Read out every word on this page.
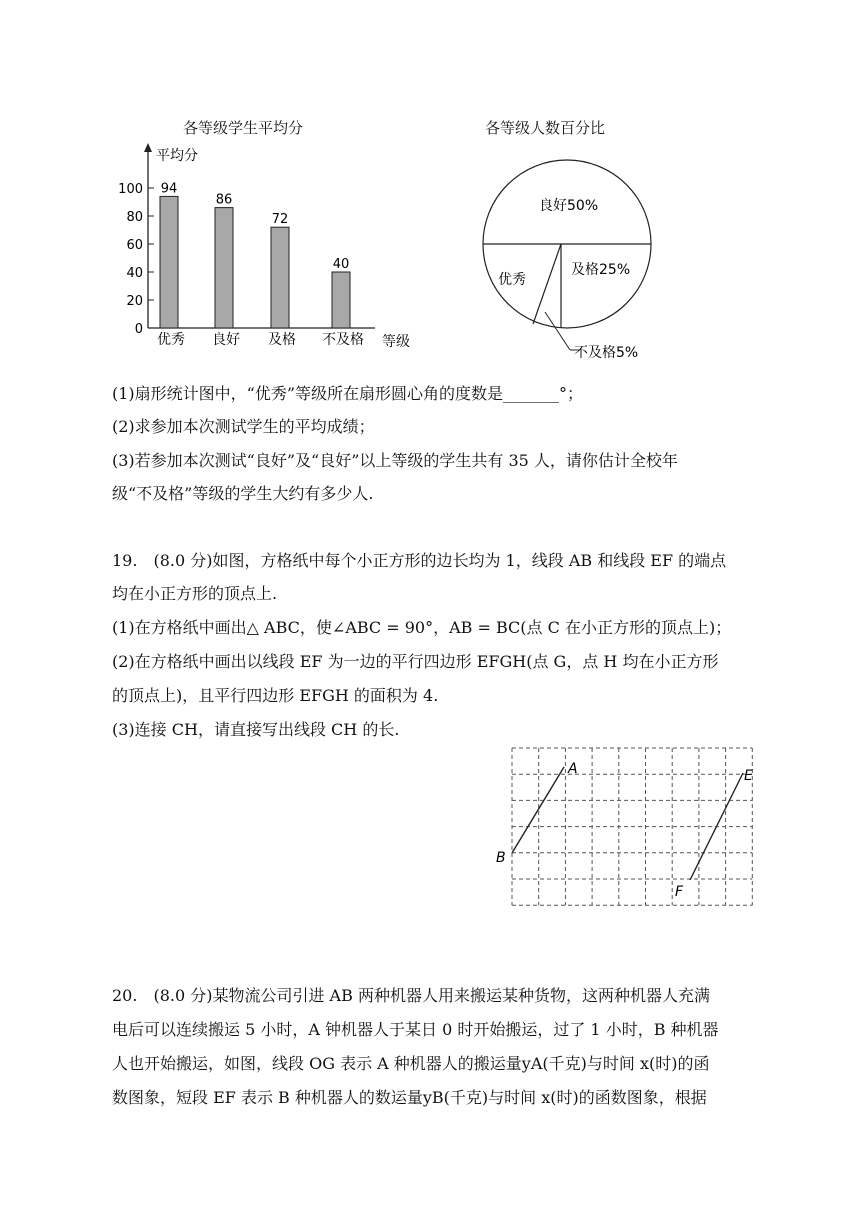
各等级学生平均分
平均分
等级
0
20
40
60
80
100 94
优秀
86
良好
72
及格
40
不及格
各等级人数百分比
良好50%
及格25%
优秀
不及格5%
(1)扇形统计图中，“优秀”等级所在扇形圆心角的度数是_______°；
(2)求参加本次测试学生的平均成绩；
(3)若参加本次测试“良好”及“良好”以上等级的学生共有 35 人，请你估计全校年
级“不及格”等级的学生大约有多少人.
19.　(8.0 分)如图，方格纸中每个小正方形的边长均为 1，线段 AB 和线段 EF 的端点
均在小正方形的顶点上.
(1)在方格纸中画出△ ABC，使∠ABC = 90°，AB = BC(点 C 在小正方形的顶点上)；
(2)在方格纸中画出以线段 EF 为一边的平行四边形 EFGH(点 G，点 H 均在小正方形
的顶点上)，且平行四边形 EFGH 的面积为 4.
(3)连接 CH，请直接写出线段 CH 的长.
A
B
E
F
20.　(8.0 分)某物流公司引进 AB 两种机器人用来搬运某种货物，这两种机器人充满
电后可以连续搬运 5 小时，A 钟机器人于某日 0 时开始搬运，过了 1 小时，B 种机器
人也开始搬运，如图，线段 OG 表示 A 种机器人的搬运量yA(千克)与时间 x(时)的函
数图象，短段 EF 表示 B 种机器人的数运量yB(千克)与时间 x(时)的函数图象，根据
